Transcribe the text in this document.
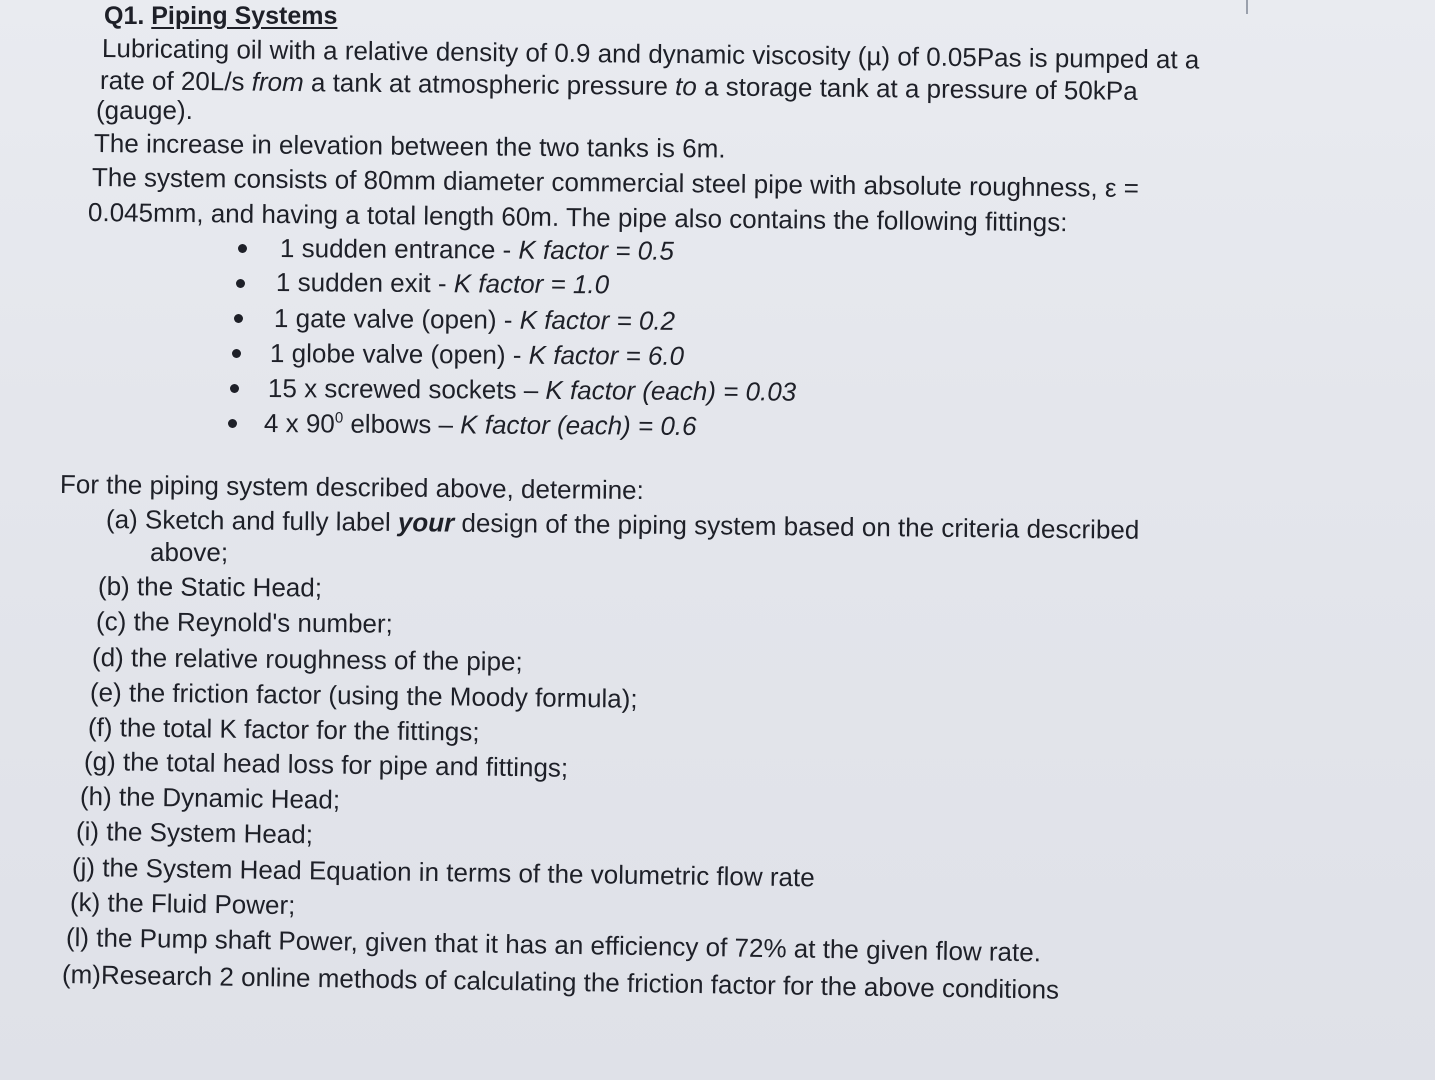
Q1. Piping Systems
Lubricating oil with a relative density of 0.9 and dynamic viscosity (µ) of 0.05Pas is pumped at a
rate of 20L/s from a tank at atmospheric pressure to a storage tank at a pressure of 50kPa
(gauge).
The increase in elevation between the two tanks is 6m.
The system consists of 80mm diameter commercial steel pipe with absolute roughness, ε =
0.045mm, and having a total length 60m. The pipe also contains the following fittings:
1 sudden entrance - K factor = 0.5
1 sudden exit - K factor = 1.0
1 gate valve (open) - K factor = 0.2
1 globe valve (open) - K factor = 6.0
15 x screwed sockets – K factor (each) = 0.03
4 x $90^0$ elbows – K factor (each) = 0.6
For the piping system described above, determine:
(a) Sketch and fully label your design of the piping system based on the criteria described
above;
(b) the Static Head;
(c) the Reynold's number;
(d) the relative roughness of the pipe;
(e) the friction factor (using the Moody formula);
(f) the total K factor for the fittings;
(g) the total head loss for pipe and fittings;
(h) the Dynamic Head;
(i) the System Head;
(j) the System Head Equation in terms of the volumetric flow rate
(k) the Fluid Power;
(l) the Pump shaft Power, given that it has an efficiency of 72% at the given flow rate.
(m)Research 2 online methods of calculating the friction factor for the above conditions
